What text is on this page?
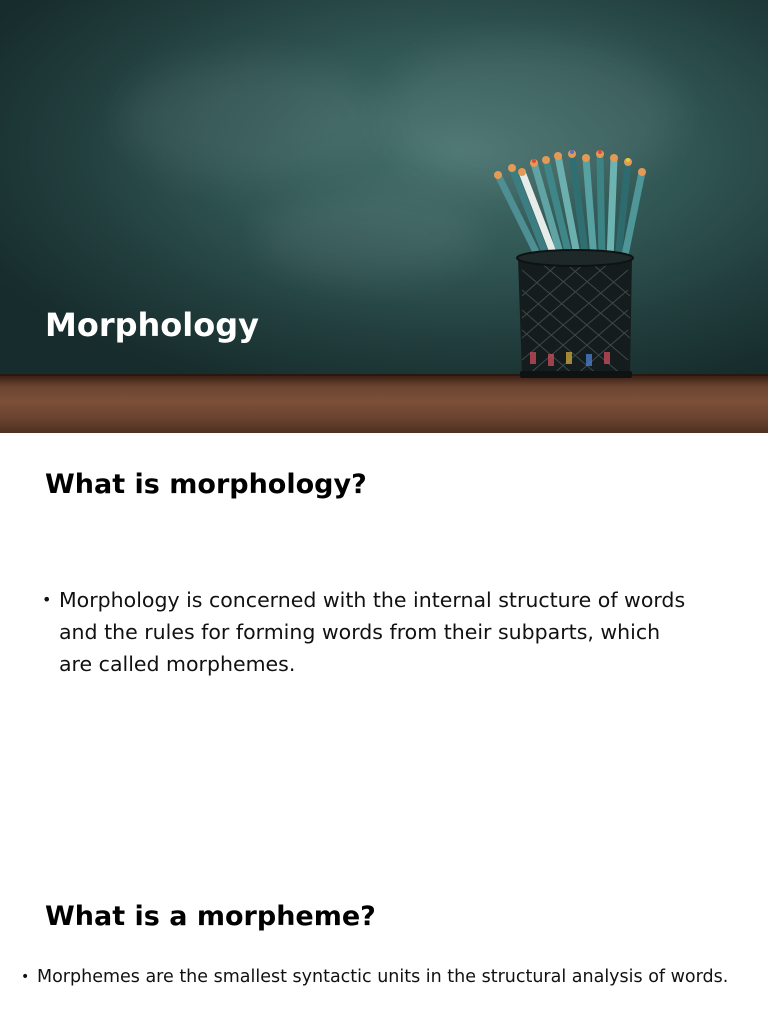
Morphology
What is morphology?
• Morphology is concerned with the internal structure of words and the rules for forming words from their subparts, which are called morphemes.
What is a morpheme?
• Morphemes are the smallest syntactic units in the structural analysis of words.
